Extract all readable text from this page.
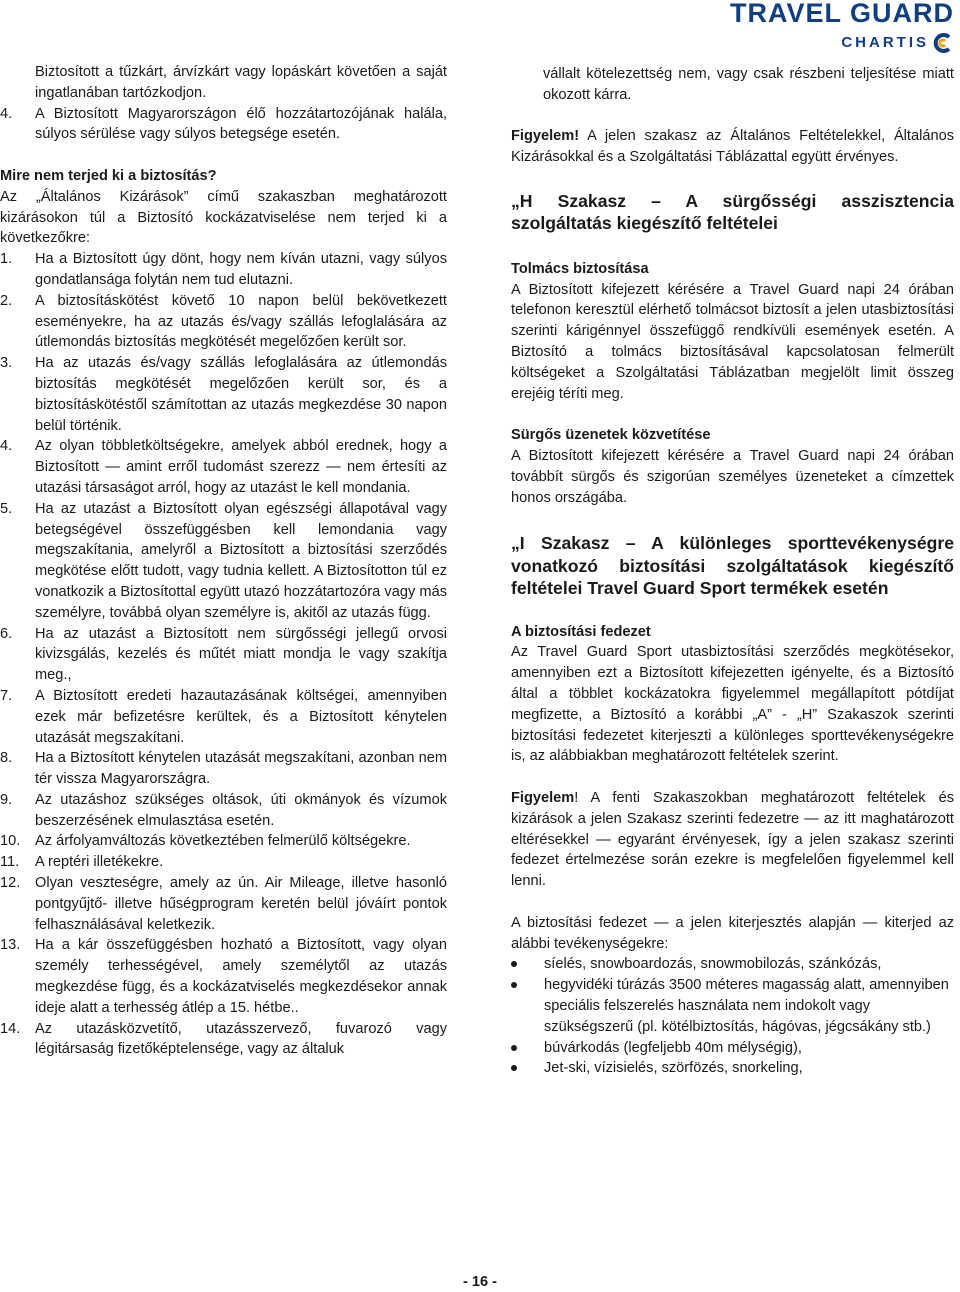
TRAVEL GUARD
CHARTIS

Biztosított a tűzkárt, árvízkárt vagy lopáskárt követően a saját ingatlanában tartózkodjon.

4. A Biztosított Magyarországon élő hozzátartozójának halála, súlyos sérülése vagy súlyos betegsége esetén.

Mire nem terjed ki a biztosítás?

Az „Általános Kizárások” című szakaszban meghatározott kizárásokon túl a Biztosító kockázatviselése nem terjed ki a következőkre:

1. Ha a Biztosított úgy dönt, hogy nem kíván utazni, vagy súlyos gondatlansága folytán nem tud elutazni.
2. A biztosításkötést követő 10 napon belül bekövetkezett eseményekre, ha az utazás és/vagy szállás lefoglalására az útlemondás biztosítás megkötését megelőzően került sor.
3. Ha az utazás és/vagy szállás lefoglalására az útlemondás biztosítás megkötését megelőzően került sor, és a biztosításkötéstől számítottan az utazás megkezdése 30 napon belül történik.
4. Az olyan többletköltségekre, amelyek abból erednek, hogy a Biztosított — amint erről tudomást szerezz — nem értesíti az utazási társaságot arról, hogy az utazást le kell mondania.
5. Ha az utazást a Biztosított olyan egészségi állapotával vagy betegségével összefüggésben kell lemondania vagy megszakítania, amelyről a Biztosított a biztosítási szerződés megkötése előtt tudott, vagy tudnia kellett. A Biztosítotton túl ez vonatkozik a Biztosítottal együtt utazó hozzátartozóra vagy más személyre, továbbá olyan személyre is, akitől az utazás függ.
6. Ha az utazást a Biztosított nem sürgősségi jellegű orvosi kivizsgálás, kezelés és műtét miatt mondja le vagy szakítja meg.,
7. A Biztosított eredeti hazautazásának költségei, amennyiben ezek már befizetésre kerültek, és a Biztosított kénytelen utazását megszakítani.
8. Ha a Biztosított kénytelen utazását megszakítani, azonban nem tér vissza Magyarországra.
9. Az utazáshoz szükséges oltások, úti okmányok és vízumok beszerzésének elmulasztása esetén.
10. Az árfolyamváltozás következtében felmerülő költségekre.
11. A reptéri illetékekre.
12. Olyan veszteségre, amely az ún. Air Mileage, illetve hasonló pontgyűjtő- illetve hűségprogram keretén belül jóváírt pontok felhasználásával keletkezik.
13. Ha a kár összefüggésben hozható a Biztosított, vagy olyan személy terhességével, amely személytől az utazás megkezdése függ, és a kockázatviselés megkezdésekor annak ideje alatt a terhesség átlép a 15. hétbe..
14. Az utazásközvetítő, utazásszervező, fuvarozó vagy légitársaság fizetőképtelensége, vagy az általuk

vállalt kötelezettség nem, vagy csak részbeni teljesítése miatt okozott kárra.

Figyelem! A jelen szakasz az Általános Feltételekkel, Általános Kizárásokkal és a Szolgáltatási Táblázattal együtt érvényes.

„H Szakasz – A sürgősségi asszisztencia szolgáltatás kiegészítő feltételei

Tolmács biztosítása

A Biztosított kifejezett kérésére a Travel Guard napi 24 órában telefonon keresztül elérhető tolmácsot biztosít a jelen utasbiztosítási szerinti kárigénnyel összefüggő rendkívüli események esetén. A Biztosító a tolmács biztosításával kapcsolatosan felmerült költségeket a Szolgáltatási Táblázatban megjelölt limit összeg erejéig téríti meg.

Sürgős üzenetek közvetítése

A Biztosított kifejezett kérésére a Travel Guard napi 24 órában továbbít sürgős és szigorúan személyes üzeneteket a címzettek honos országába.

„I Szakasz – A különleges sporttevékenységre vonatkozó biztosítási szolgáltatások kiegészítő feltételei Travel Guard Sport termékek esetén

A biztosítási fedezet

Az Travel Guard Sport utasbiztosítási szerződés megkötésekor, amennyiben ezt a Biztosított kifejezetten igényelte, és a Biztosító által a többlet kockázatokra figyelemmel megállapított pótdíjat megfizette, a Biztosító a korábbi „A” - „H” Szakaszok szerinti biztosítási fedezetet kiterjeszti a különleges sporttevékenységekre is, az alábbiakban meghatározott feltételek szerint.

Figyelem! A fenti Szakaszokban meghatározott feltételek és kizárások a jelen Szakasz szerinti fedezetre — az itt maghatározott eltérésekkel — egyaránt érvényesek, így a jelen szakasz szerinti fedezet értelmezése során ezekre is megfelelően figyelemmel kell lenni.

A biztosítási fedezet — a jelen kiterjesztés alapján — kiterjed az alábbi tevékenységekre:

síelés, snowboardozás, snowmobilozás, szánkózás,
hegyvidéki túrázás 3500 méteres magasság alatt, amennyiben speciális felszerelés használata nem indokolt vagy szükségszerű (pl. kötélbiztosítás, hágóvas, jégcsákány stb.)
búvárkodás (legfeljebb 40m mélységig),
Jet-ski, vízisielés, szörfözés, snorkeling,
- 16 -
